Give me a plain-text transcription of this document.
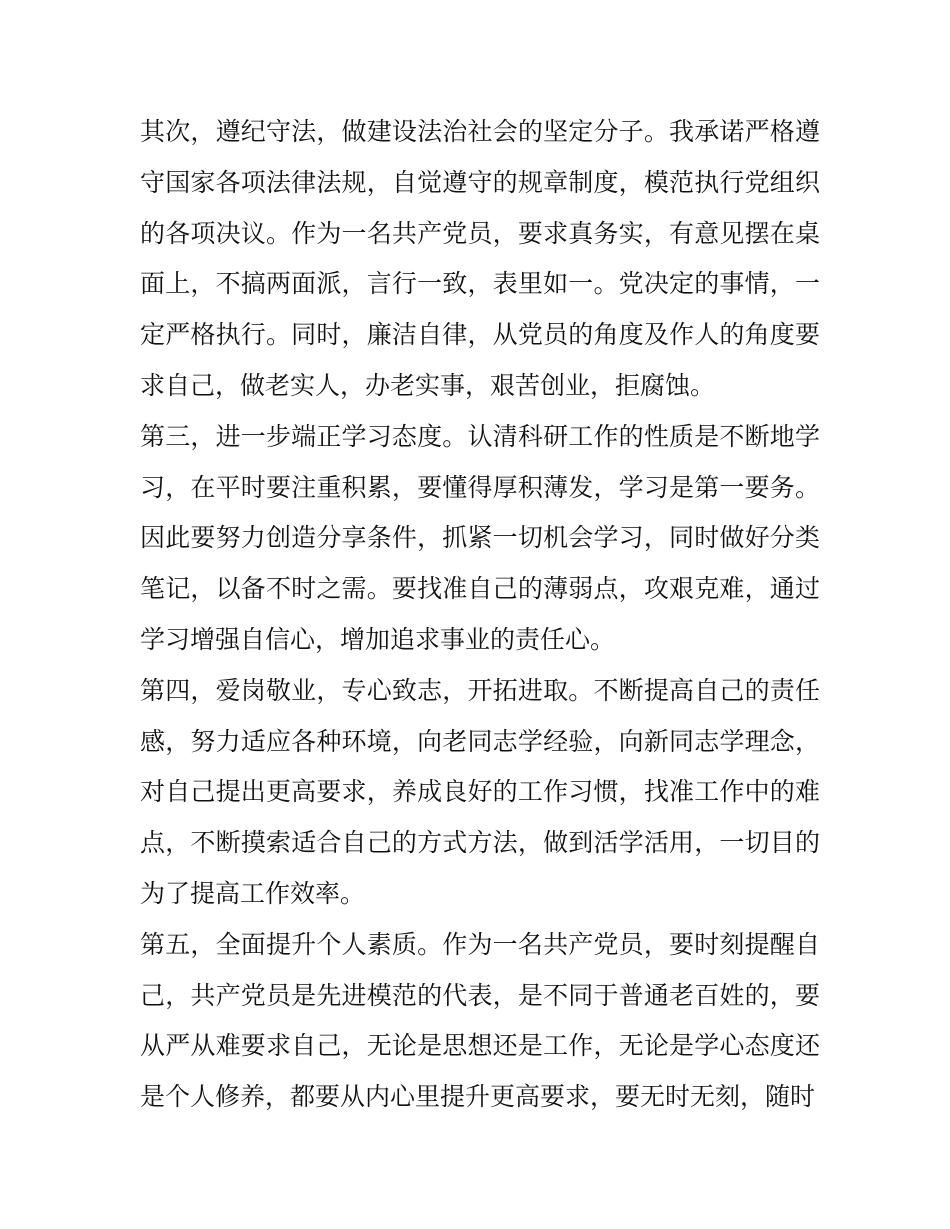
其次，遵纪守法，做建设法治社会的坚定分子。我承诺严格遵守国家各项法律法规，自觉遵守的规章制度，模范执行党组织的各项决议。作为一名共产党员，要求真务实，有意见摆在桌面上，不搞两面派，言行一致，表里如一。党决定的事情，一定严格执行。同时，廉洁自律，从党员的角度及作人的角度要求自己，做老实人，办老实事，艰苦创业，拒腐蚀。

第三，进一步端正学习态度。认清科研工作的性质是不断地学习，在平时要注重积累，要懂得厚积薄发，学习是第一要务。因此要努力创造分享条件，抓紧一切机会学习，同时做好分类笔记，以备不时之需。要找准自己的薄弱点，攻艰克难，通过学习增强自信心，增加追求事业的责任心。

第四，爱岗敬业，专心致志，开拓进取。不断提高自己的责任感，努力适应各种环境，向老同志学经验，向新同志学理念，对自己提出更高要求，养成良好的工作习惯，找准工作中的难点，不断摸索适合自己的方式方法，做到活学活用，一切目的为了提高工作效率。

第五，全面提升个人素质。作为一名共产党员，要时刻提醒自己，共产党员是先进模范的代表，是不同于普通老百姓的，要从严从难要求自己，无论是思想还是工作，无论是学心态度还是个人修养，都要从内心里提升更高要求，要无时无刻，随时
